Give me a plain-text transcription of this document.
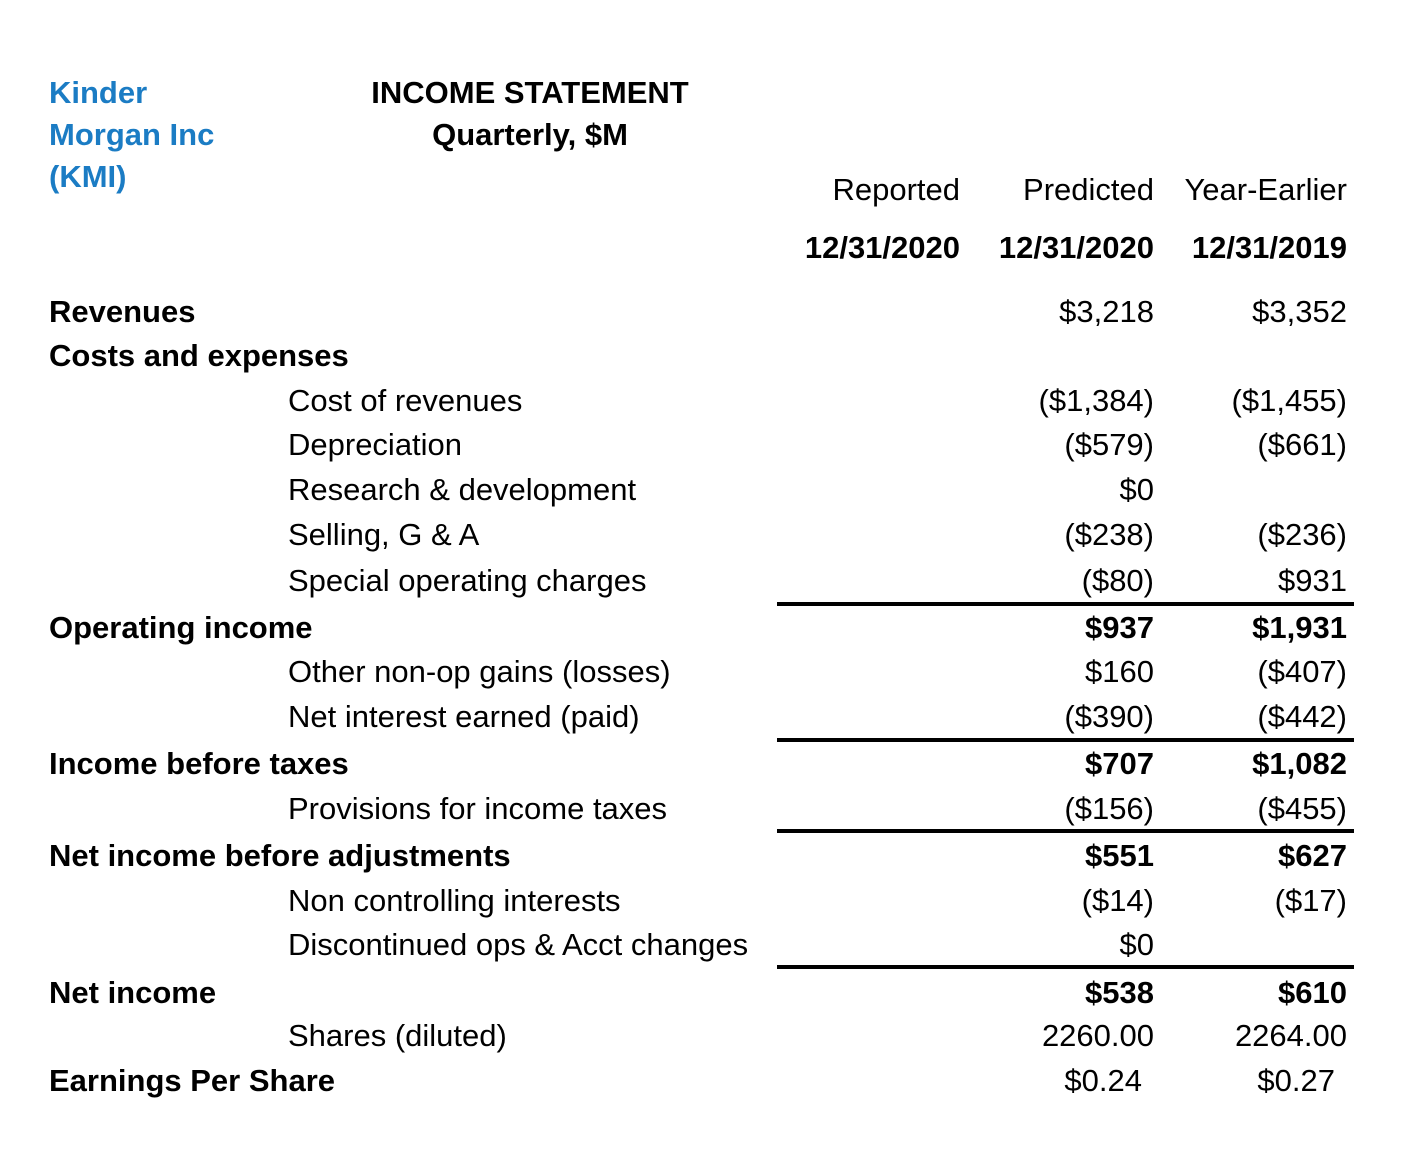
Kinder
Morgan Inc
(KMI)
INCOME STATEMENT
Quarterly, $M
Reported Predicted Year-Earlier
12/31/2020 12/31/2020 12/31/2019
Revenues	$3,218	$3,352
Costs and expenses
Cost of revenues	($1,384)	($1,455)
Depreciation	($579)	($661)
Research & development	$0
Selling, G & A	($238)	($236)
Special operating charges	($80)	$931
Operating income	$937	$1,931
Other non-op gains (losses)	$160	($407)
Net interest earned (paid)	($390)	($442)
Income before taxes	$707	$1,082
Provisions for income taxes	($156)	($455)
Net income before adjustments	$551	$627
Non controlling interests	($14)	($17)
Discontinued ops & Acct changes	$0
Net income	$538	$610
Shares (diluted)	2260.00	2264.00
Earnings Per Share	$0.24	$0.27
